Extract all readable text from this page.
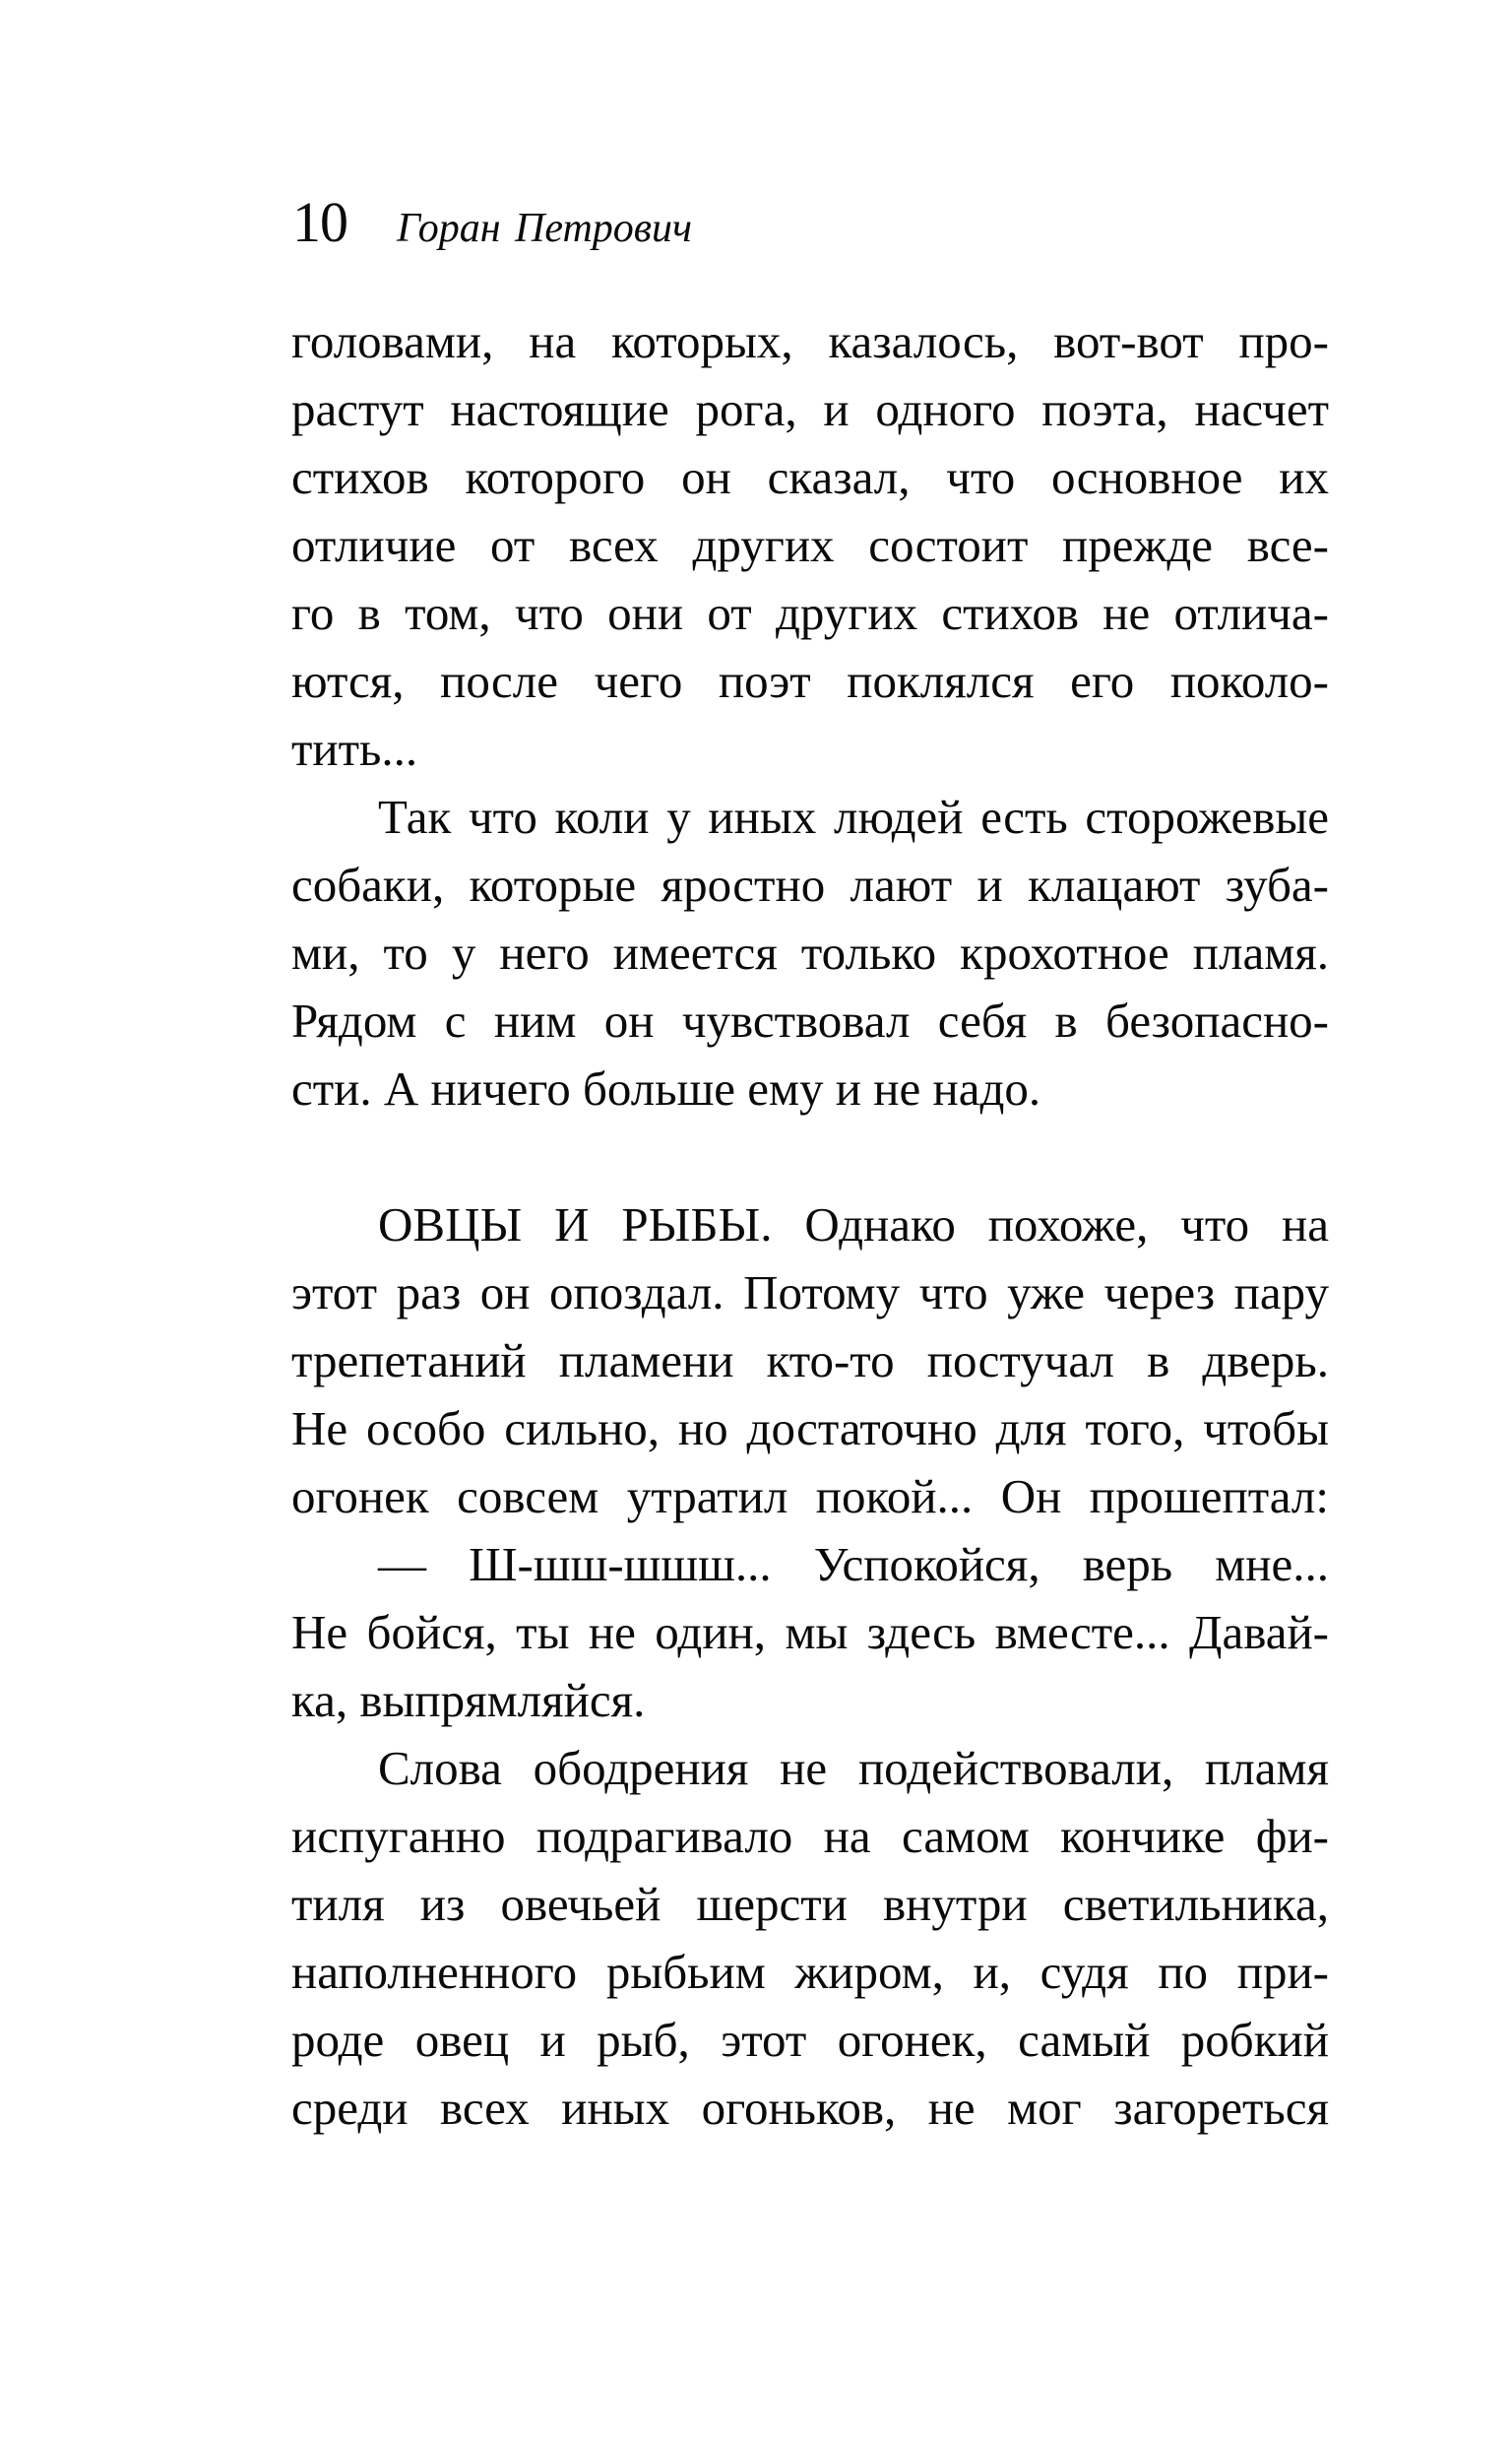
10 Горан Петрович
головами, на которых, казалось, вот-вот про-
растут настоящие рога, и одного поэта, насчет
стихов которого он сказал, что основное их
отличие от всех других состоит прежде все-
го в том, что они от других стихов не отлича-
ются, после чего поэт поклялся его поколо-
тить...
Так что коли у иных людей есть сторожевые
собаки, которые яростно лают и клацают зуба-
ми, то у него имеется только крохотное пламя.
Рядом с ним он чувствовал себя в безопасно-
сти. А ничего больше ему и не надо.
ОВЦЫ И РЫБЫ. Однако похоже, что на
этот раз он опоздал. Потому что уже через пару
трепетаний пламени кто-то постучал в дверь.
Не особо сильно, но достаточно для того, чтобы
огонек совсем утратил покой... Он прошептал:
— Ш-шш-шшш... Успокойся, верь мне...
Не бойся, ты не один, мы здесь вместе... Давай-
ка, выпрямляйся.
Слова ободрения не подействовали, пламя
испуганно подрагивало на самом кончике фи-
тиля из овечьей шерсти внутри светильника,
наполненного рыбьим жиром, и, судя по при-
роде овец и рыб, этот огонек, самый робкий
среди всех иных огоньков, не мог загореться
